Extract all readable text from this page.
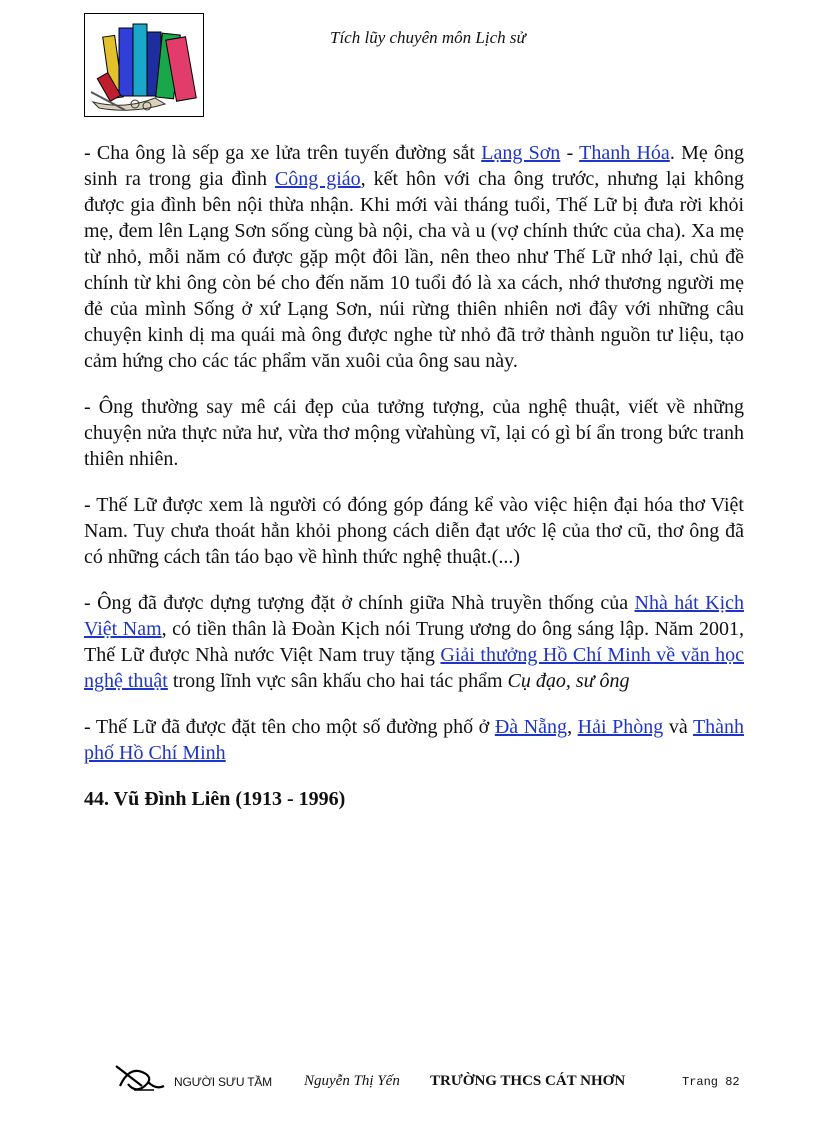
Tích lũy chuyên môn Lịch sử

- Cha ông là sếp ga xe lửa trên tuyến đường sắt Lạng Sơn - Thanh Hóa. Mẹ ông sinh ra trong gia đình Công giáo, kết hôn với cha ông trước, nhưng lại không được gia đình bên nội thừa nhận. Khi mới vài tháng tuổi, Thế Lữ bị đưa rời khỏi mẹ, đem lên Lạng Sơn sống cùng bà nội, cha và u (vợ chính thức của cha). Xa mẹ từ nhỏ, mỗi năm có được gặp một đôi lần, nên theo như Thế Lữ nhớ lại, chủ đề chính từ khi ông còn bé cho đến năm 10 tuổi đó là xa cách, nhớ thương người mẹ đẻ của mình Sống ở xứ Lạng Sơn, núi rừng thiên nhiên nơi đây với những câu chuyện kinh dị ma quái mà ông được nghe từ nhỏ đã trở thành nguồn tư liệu, tạo cảm hứng cho các tác phẩm văn xuôi của ông sau này.

- Ông thường say mê cái đẹp của tưởng tượng, của nghệ thuật, viết về những chuyện nửa thực nửa hư, vừa thơ mộng vừahùng vĩ, lại có gì bí ẩn trong bức tranh thiên nhiên.

- Thế Lữ được xem là người có đóng góp đáng kể vào việc hiện đại hóa thơ Việt Nam. Tuy chưa thoát hẳn khỏi phong cách diễn đạt ước lệ của thơ cũ, thơ ông đã có những cách tân táo bạo về hình thức nghệ thuật.(...)

- Ông đã được dựng tượng đặt ở chính giữa Nhà truyền thống của Nhà hát Kịch Việt Nam, có tiền thân là Đoàn Kịch nói Trung ương do ông sáng lập. Năm 2001, Thế Lữ được Nhà nước Việt Nam truy tặng Giải thưởng Hồ Chí Minh về văn học nghệ thuật trong lĩnh vực sân khấu cho hai tác phẩm Cụ đạo, sư ông

- Thế Lữ đã được đặt tên cho một số đường phố ở Đà Nẵng, Hải Phòng và Thành phố Hồ Chí Minh

44. Vũ Đình Liên (1913 - 1996)
NGƯỜI SƯU TẦM Nguyễn Thị Yến TRƯỜNG THCS CÁT NHƠN	Trang 82
